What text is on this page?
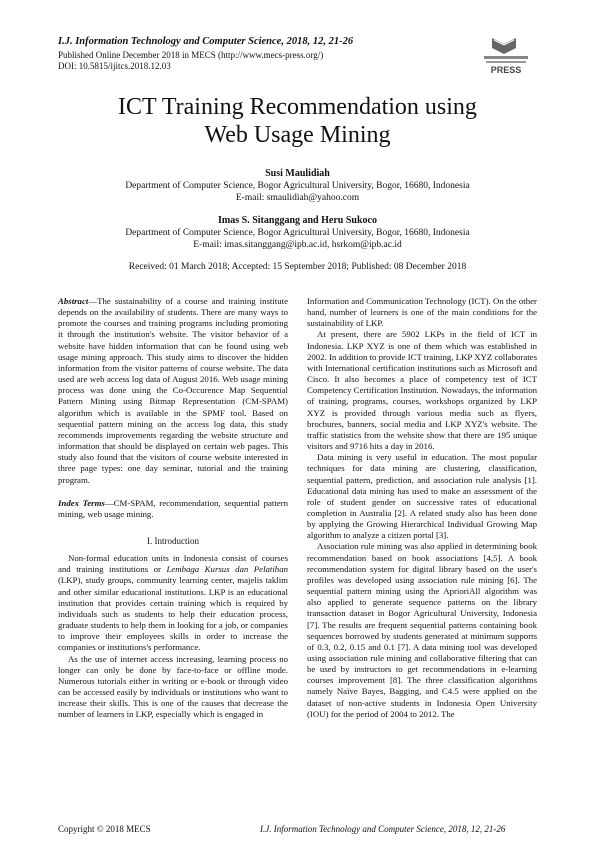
I.J. Information Technology and Computer Science, 2018, 12, 21-26
Published Online December 2018 in MECS (http://www.mecs-press.org/)
DOI: 10.5815/ijitcs.2018.12.03	PRESS
ICT Training Recommendation using
Web Usage Mining
Susi Maulidiah
Department of Computer Science, Bogor Agricultural University, Bogor, 16680, Indonesia
E-mail: smaulidiah@yahoo.com
Imas S. Sitanggang and Heru Sukoco
Department of Computer Science, Bogor Agricultural University, Bogor, 16680, Indonesia
E-mail: imas.sitanggang@ipb.ac.id, hsrkom@ipb.ac.id
Received: 01 March 2018; Accepted: 15 September 2018; Published: 08 December 2018

Abstract—The sustainability of a course and training institute depends on the availability of students. There are many ways to promote the courses and training programs including promoting it through the institution's website. The visitor behavior of a website have hidden information that can be found using web usage mining approach. This study aims to discover the hidden information from the visitor patterns of course website. The data used are web access log data of August 2016. Web usage mining process was done using the Co-Occurence Map Sequential Pattern Mining using Bitmap Representation (CM-SPAM) algorithm which is available in the SPMF tool. Based on sequential pattern mining on the access log data, this study recommends improvements regarding the website structure and information that should be displayed on certain web pages. This study also found that the visitors of course website interested in three page types: one day seminar, tutorial and the training program.

Index Terms—CM-SPAM, recommendation, sequential pattern mining, web usage mining.

I. Introduction

Non-formal education units in Indonesia consist of courses and training institutions or Lembaga Kursus dan Pelatihan (LKP), study groups, community learning center, majelis taklim and other similar educational institutions. LKP is an educational institution that provides certain training which is required by individuals such as students to help their education process, graduate students to help them in looking for a job, or companies to improve their employees skills in order to increase the companies or institutions's performance.

As the use of internet access increasing, learning process no longer can only be done by face-to-face or offline mode. Numerous tutorials either in writing or e-book or through video can be accessed easily by individuals or institutions who want to increase their skills. This is one of the causes that decrease the number of learners in LKP, especially which is engaged in

Information and Communication Technology (ICT). On the other hand, number of learners is one of the main conditions for the sustainability of LKP.

At present, there are 5902 LKPs in the field of ICT in Indonesia. LKP XYZ is one of them which was established in 2002. In addition to provide ICT training, LKP XYZ collaborates with International certification institutions such as Microsoft and Cisco. It also becomes a place of competency test of ICT Competency Certification Institution. Nowadays, the information of training, programs, courses, workshops organized by LKP XYZ is provided through various media such as flyers, brochures, banners, social media and LKP XYZ's website. The traffic statistics from the website show that there are 195 unique visitors and 9716 hits a day in 2016.

Data mining is very useful in education. The most popular techniques for data mining are clustering, classification, sequential pattern, prediction, and association rule analysis [1]. Educational data mining has used to make an assessment of the role of student gender on successive rates of educational completion in Australia [2]. A related study also has been done by applying the Growing Hierarchical Individual Growing Map algorithm to analyze a citizen portal [3].

Association rule mining was also applied in determining book recommendation based on book associations [4,5]. A book recommendation system for digital library based on the user's profiles was developed using association rule mining [6]. The sequential pattern mining using the AprioriAll algorithm was also applied to generate sequence patterns on the library transaction dataset in Bogor Agricultural University, Indonesia [7]. The results are frequent sequential patterns containing book sequences borrowed by students generated at minimum supports of 0.3, 0.2, 0.15 and 0.1 [7]. A data mining tool was developed using association rule mining and collaborative filtering that can be used by instructors to get recommendations in e-learning courses improvement [8]. The three classification algorithms namely Naïve Bayes, Bagging, and C4.5 were applied on the dataset of non-active students in Indonesia Open University (IOU) for the period of 2004 to 2012. The

Copyright © 2018 MECS	I.J. Information Technology and Computer Science, 2018, 12, 21-26
